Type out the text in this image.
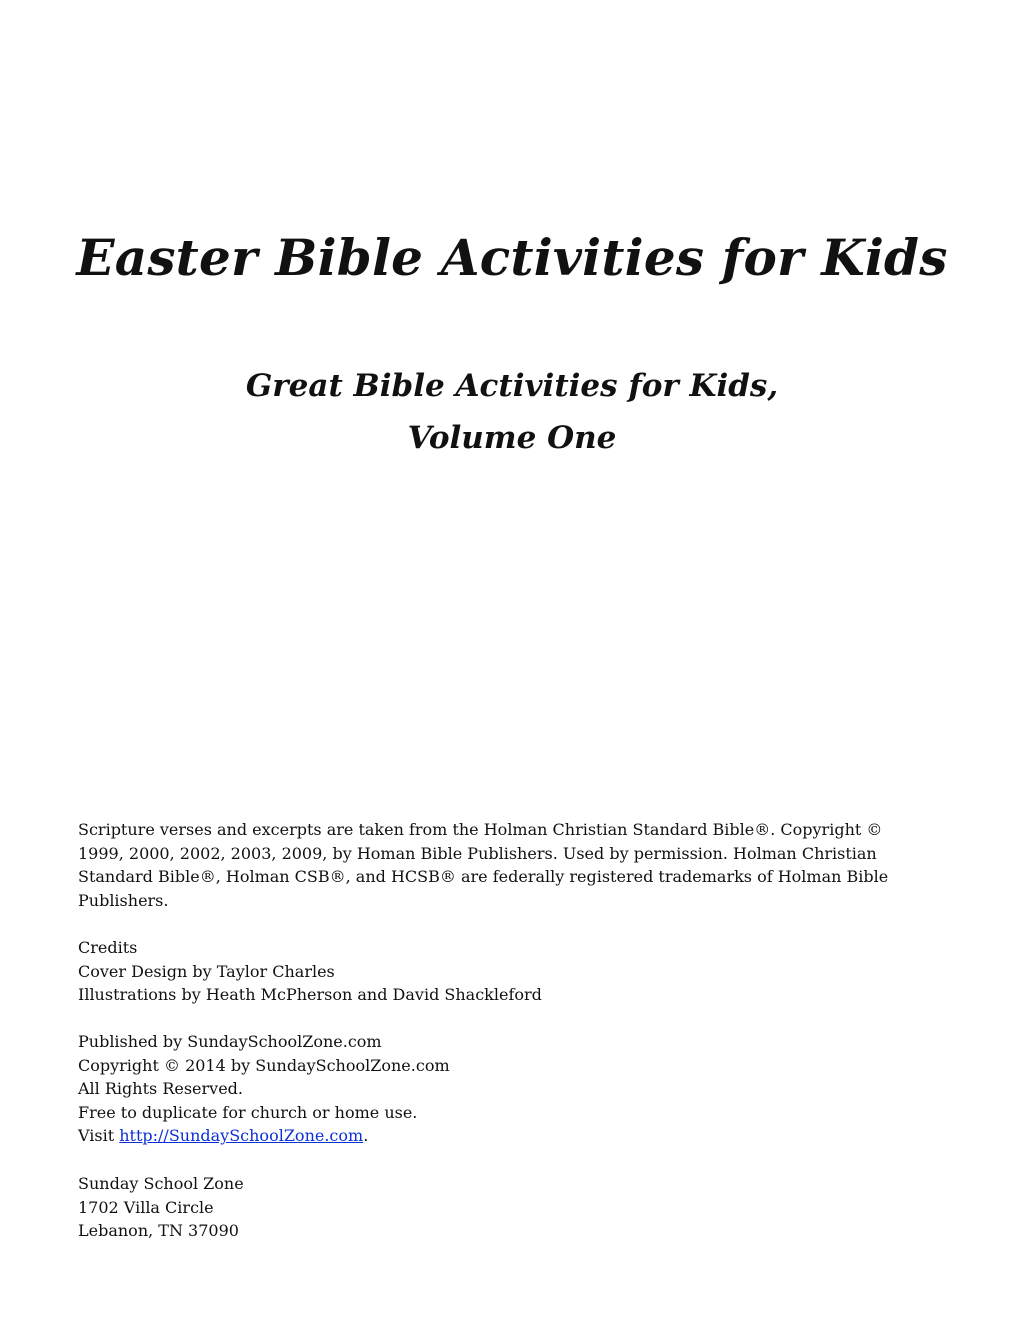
Easter Bible Activities for Kids
Great Bible Activities for Kids,
Volume One
Scripture verses and excerpts are taken from the Holman Christian Standard Bible®. Copyright ©
1999, 2000, 2002, 2003, 2009, by Homan Bible Publishers. Used by permission. Holman Christian
Standard Bible®, Holman CSB®, and HCSB® are federally registered trademarks of Holman Bible
Publishers.
Credits
Cover Design by Taylor Charles
Illustrations by Heath McPherson and David Shackleford
Published by SundaySchoolZone.com
Copyright © 2014 by SundaySchoolZone.com
All Rights Reserved.
Free to duplicate for church or home use.
Visit http://SundaySchoolZone.com.
Sunday School Zone
1702 Villa Circle
Lebanon, TN 37090
